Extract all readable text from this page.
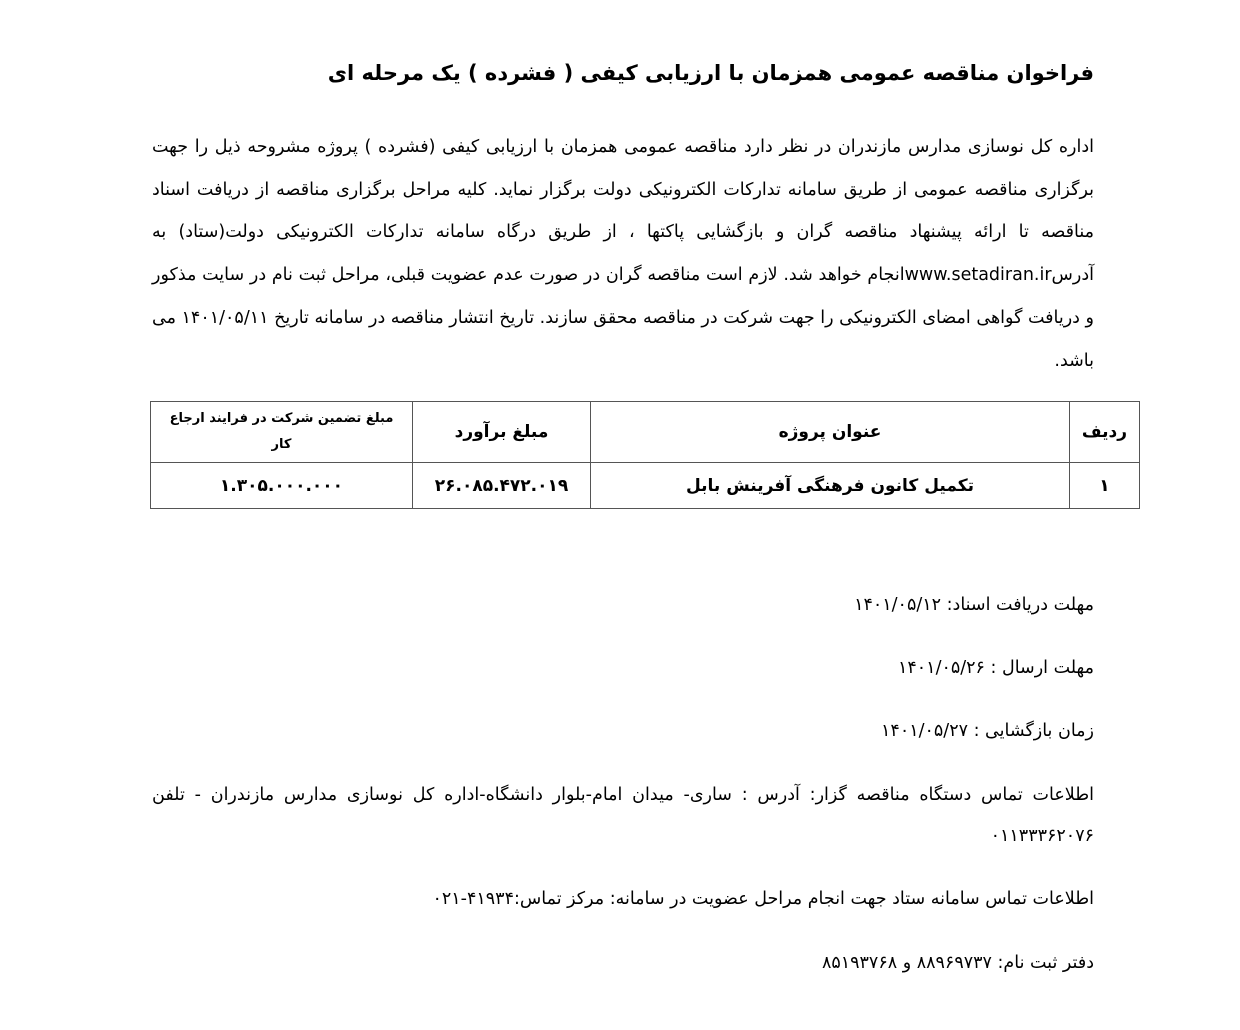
فراخوان مناقصه عمومی همزمان با ارزیابی کیفی ( فشرده ) یک مرحله ای

اداره کل نوسازی مدارس مازندران در نظر دارد مناقصه عمومی همزمان با ارزیابی کیفی (فشرده ) پروژه مشروحه ذیل را جهت برگزاری مناقصه عمومی از طریق سامانه تدارکات الکترونیکی دولت برگزار نماید. کلیه مراحل برگزاری مناقصه از دریافت اسناد مناقصه تا ارائه پیشنهاد مناقصه گران و بازگشایی پاکتها ، از طریق درگاه سامانه تدارکات الکترونیکی دولت(ستاد) به آدرسwww.setadiran.irانجام خواهد شد. لازم است مناقصه گران در صورت عدم عضویت قبلی، مراحل ثبت نام در سایت مذکور و دریافت گواهی امضای الکترونیکی را جهت شرکت در مناقصه محقق سازند. تاریخ انتشار مناقصه در سامانه تاریخ ۱۴۰۱/۰۵/۱۱ می باشد.

ردیف	عنوان پروژه	مبلغ برآورد	مبلغ تضمین شرکت در فرایند ارجاع کار
۱	تکمیل کانون فرهنگی آفرینش بابل	۲۶.۰۸۵.۴۷۲.۰۱۹	۱.۳۰۵.۰۰۰.۰۰۰

مهلت دریافت اسناد: ۱۴۰۱/۰۵/۱۲

مهلت ارسال : ۱۴۰۱/۰۵/۲۶

زمان بازگشایی : ۱۴۰۱/۰۵/۲۷

اطلاعات تماس دستگاه مناقصه گزار: آدرس : ساری- میدان امام-بلوار دانشگاه-اداره کل نوسازی مدارس مازندران - تلفن ۰۱۱۳۳۳۶۲۰۷۶

اطلاعات تماس سامانه ستاد جهت انجام مراحل عضویت در سامانه: مرکز تماس:۰۲۱-۴۱۹۳۴

دفتر ثبت نام: ۸۸۹۶۹۷۳۷ و ۸۵۱۹۳۷۶۸
